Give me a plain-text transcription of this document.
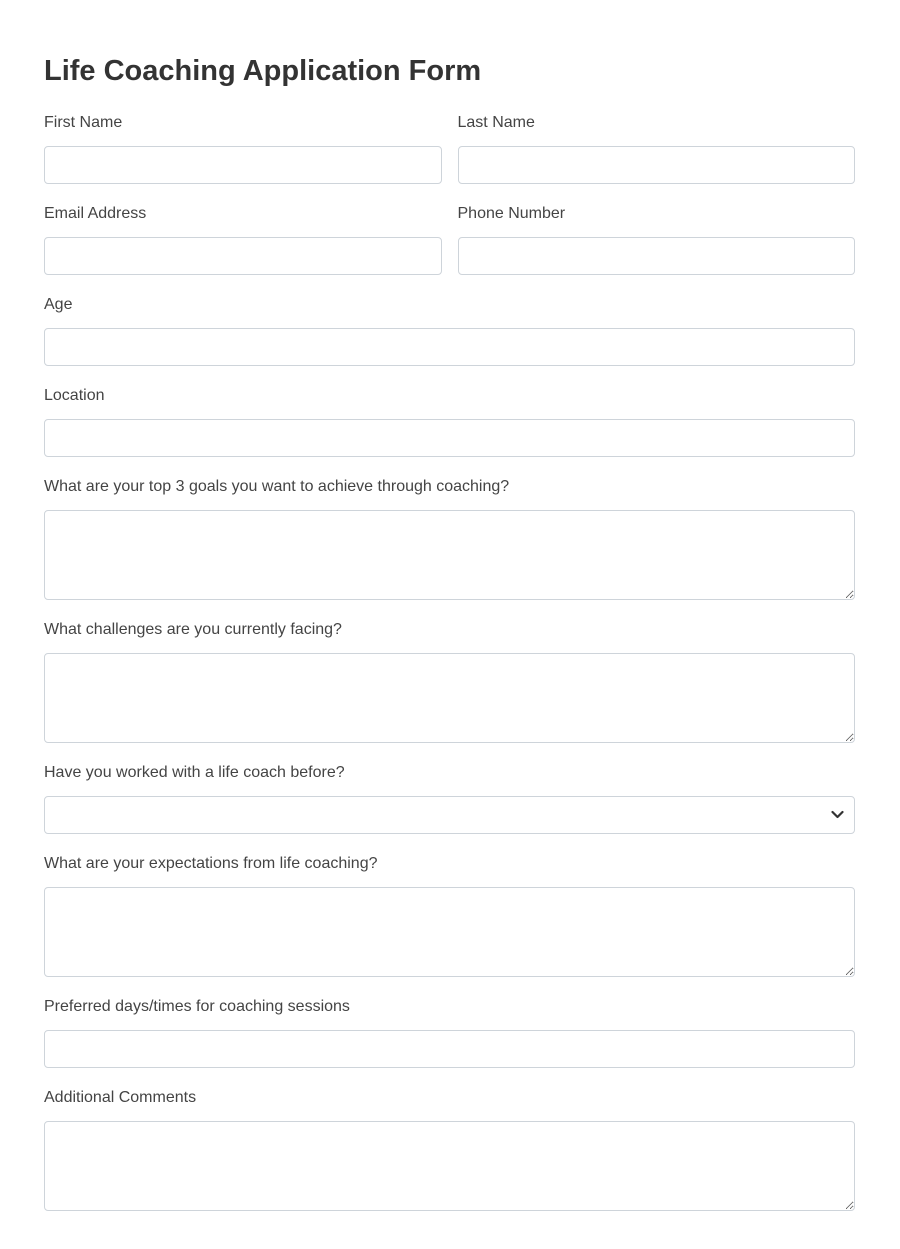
Life Coaching Application Form
First Name	Last Name
Email Address	Phone Number
Age
Location
What are your top 3 goals you want to achieve through coaching?
What challenges are you currently facing?
Have you worked with a life coach before?
What are your expectations from life coaching?
Preferred days/times for coaching sessions
Additional Comments
